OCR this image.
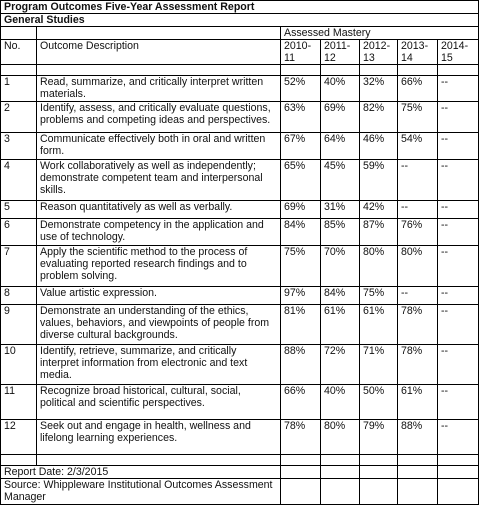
Program Outcomes Five-Year Assessment Report						
General Studies						
		Assessed Mastery				
No.	Outcome Description	2010-11	2011-12	2012-13	2013-14	2014-15

1	Read, summarize, and critically interpret written materials.	52%	40%	32%	66%	--
2	Identify, assess, and critically evaluate questions, problems and competing ideas and perspectives.	63%	69%	82%	75%	--
3	Communicate effectively both in oral and written form.	67%	64%	46%	54%	--
4	Work collaboratively as well as independently; demonstrate competent team and interpersonal skills.	65%	45%	59%	--	--
5	Reason quantitatively as well as verbally.	69%	31%	42%	--	--
6	Demonstrate competency in the application and use of technology.	84%	85%	87%	76%	--
7	Apply the scientific method to the process of evaluating reported research findings and to problem solving.	75%	70%	80%	80%	--
8	Value artistic expression.	97%	84%	75%	--	--
9	Demonstrate an understanding of the ethics, values, behaviors, and viewpoints of people from diverse cultural backgrounds.	81%	61%	61%	78%	--
10	Identify, retrieve, summarize, and critically interpret information from electronic and text media.	88%	72%	71%	78%	--
11	Recognize broad historical, cultural, social, political and scientific perspectives.	66%	40%	50%	61%	--
12	Seek out and engage in health, wellness and lifelong learning experiences.	78%	80%	79%	88%	--

Report Date: 2/3/2015						
Source: Whippleware Institutional Outcomes Assessment Manager						
